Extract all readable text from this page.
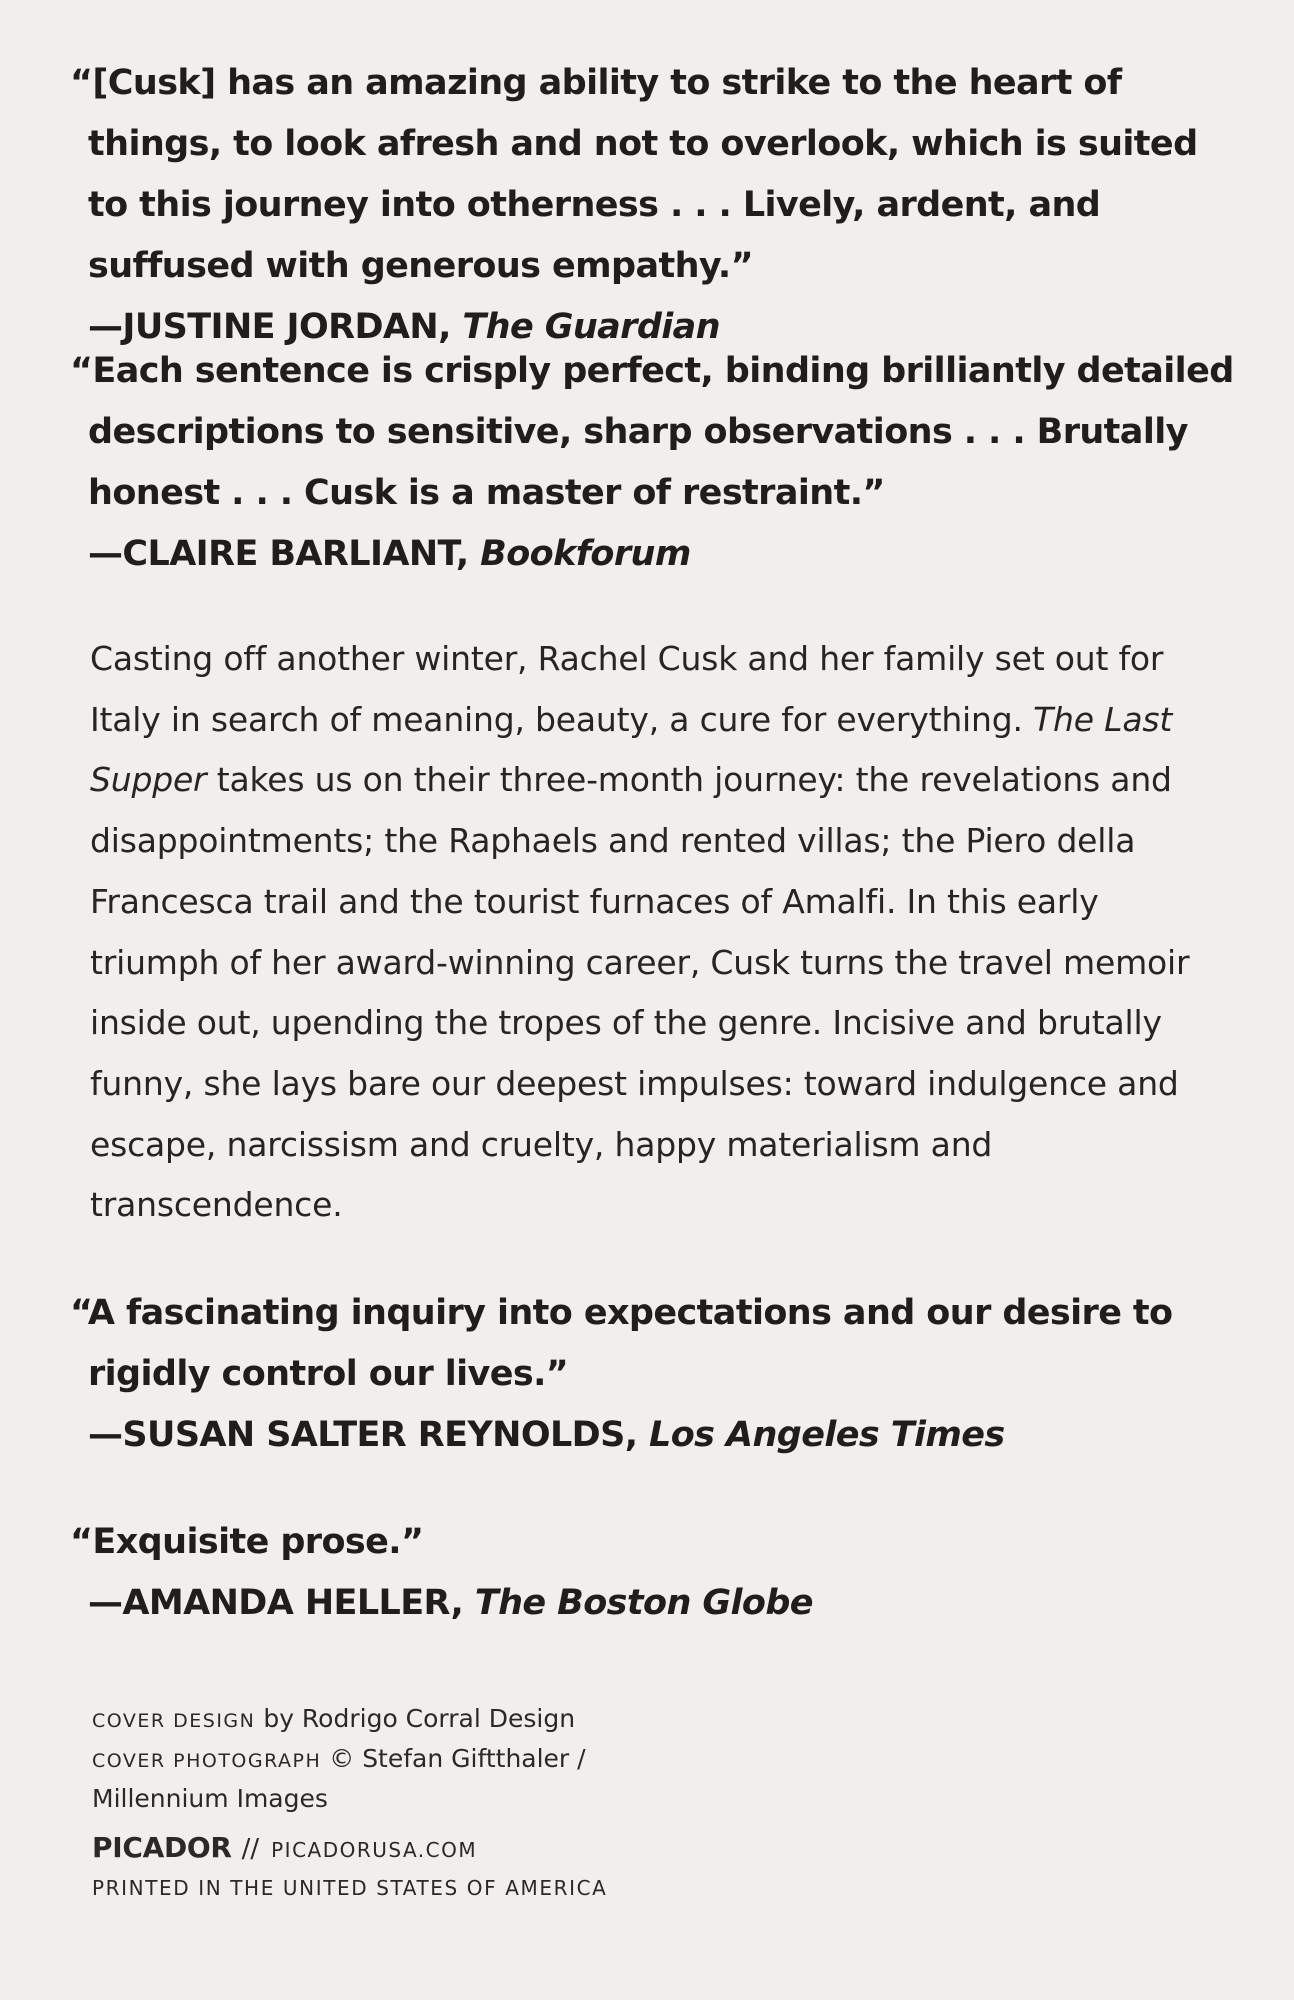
“[Cusk] has an amazing ability to strike to the heart of things, to look afresh and not to overlook, which is suited to this journey into otherness . . . Lively, ardent, and suffused with generous empathy.”
—JUSTINE JORDAN, The Guardian
“Each sentence is crisply perfect, binding brilliantly detailed descriptions to sensitive, sharp observations . . . Brutally honest . . . Cusk is a master of restraint.”
—CLAIRE BARLIANT, Bookforum
Casting off another winter, Rachel Cusk and her family set out for Italy in search of meaning, beauty, a cure for everything. The Last Supper takes us on their three-month journey: the revelations and disappointments; the Raphaels and rented villas; the Piero della Francesca trail and the tourist furnaces of Amalfi. In this early triumph of her award-winning career, Cusk turns the travel memoir inside out, upending the tropes of the genre. Incisive and brutally funny, she lays bare our deepest impulses: toward indulgence and escape, narcissism and cruelty, happy materialism and transcendence.
“A fascinating inquiry into expectations and our desire to rigidly control our lives.”
—SUSAN SALTER REYNOLDS, Los Angeles Times
“Exquisite prose.”
—AMANDA HELLER, The Boston Globe
COVER DESIGN by Rodrigo Corral Design
COVER PHOTOGRAPH © Stefan Giftthaler / Millennium Images
PICADOR // PICADORUSA.COM
PRINTED IN THE UNITED STATES OF AMERICA
